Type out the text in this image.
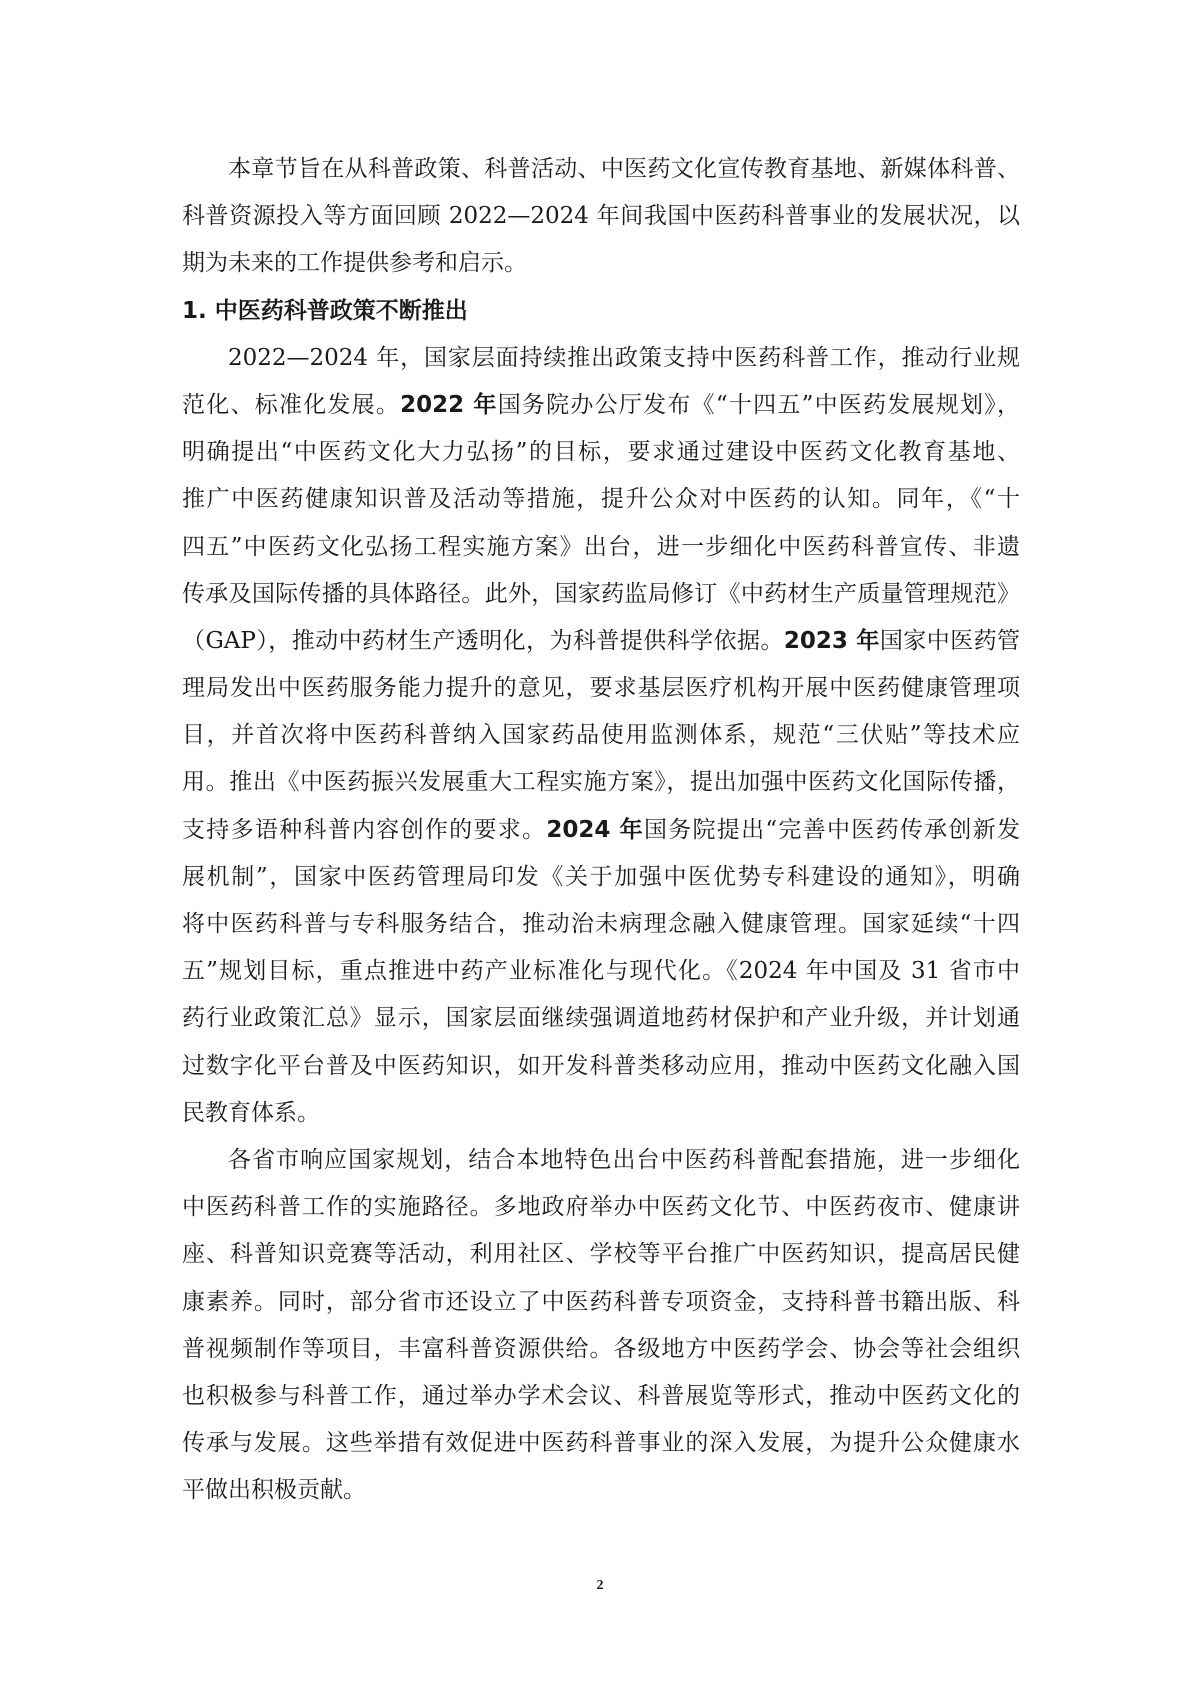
本章节旨在从科普政策、科普活动、中医药文化宣传教育基地、新媒体科普、
科普资源投入等方面回顾 2022—2024 年间我国中医药科普事业的发展状况，以
期为未来的工作提供参考和启示。
1. 中医药科普政策不断推出
2022—2024 年，国家层面持续推出政策支持中医药科普工作，推动行业规
范化、标准化发展。2022 年国务院办公厅发布《“十四五”中医药发展规划》，
明确提出“中医药文化大力弘扬”的目标，要求通过建设中医药文化教育基地、
推广中医药健康知识普及活动等措施，提升公众对中医药的认知。同年，《“十
四五”中医药文化弘扬工程实施方案》出台，进一步细化中医药科普宣传、非遗
传承及国际传播的具体路径。此外，国家药监局修订《中药材生产质量管理规范》
（GAP），推动中药材生产透明化，为科普提供科学依据。2023 年国家中医药管
理局发出中医药服务能力提升的意见，要求基层医疗机构开展中医药健康管理项
目，并首次将中医药科普纳入国家药品使用监测体系，规范“三伏贴”等技术应
用。推出《中医药振兴发展重大工程实施方案》，提出加强中医药文化国际传播，
支持多语种科普内容创作的要求。2024 年国务院提出“完善中医药传承创新发
展机制”，国家中医药管理局印发《关于加强中医优势专科建设的通知》，明确
将中医药科普与专科服务结合，推动治未病理念融入健康管理。国家延续“十四
五”规划目标，重点推进中药产业标准化与现代化。《2024 年中国及 31 省市中
药行业政策汇总》显示，国家层面继续强调道地药材保护和产业升级，并计划通
过数字化平台普及中医药知识，如开发科普类移动应用，推动中医药文化融入国
民教育体系。
各省市响应国家规划，结合本地特色出台中医药科普配套措施，进一步细化
中医药科普工作的实施路径。多地政府举办中医药文化节、中医药夜市、健康讲
座、科普知识竞赛等活动，利用社区、学校等平台推广中医药知识，提高居民健
康素养。同时，部分省市还设立了中医药科普专项资金，支持科普书籍出版、科
普视频制作等项目，丰富科普资源供给。各级地方中医药学会、协会等社会组织
也积极参与科普工作，通过举办学术会议、科普展览等形式，推动中医药文化的
传承与发展。这些举措有效促进中医药科普事业的深入发展，为提升公众健康水
平做出积极贡献。
2
